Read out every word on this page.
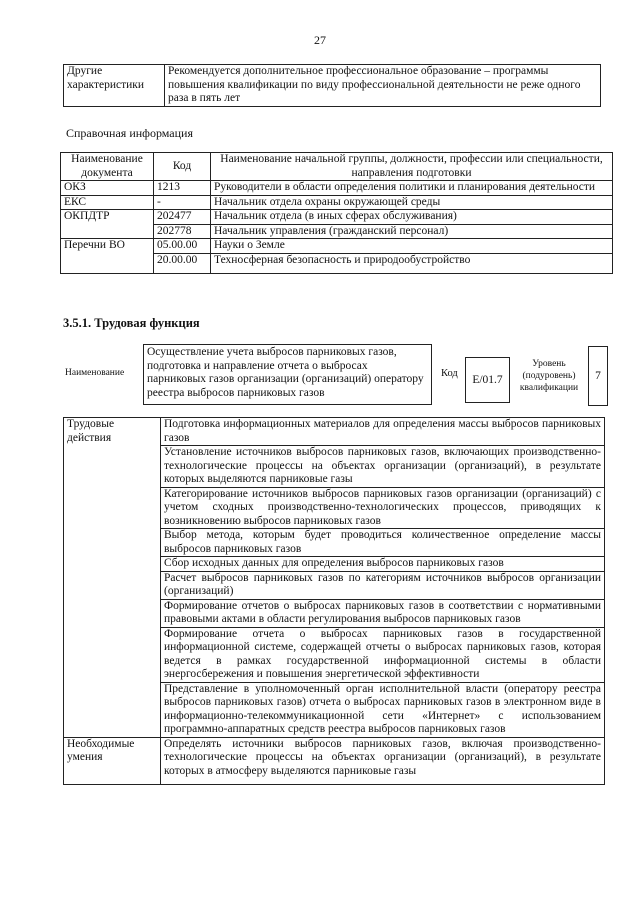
27
Другие характеристики	Рекомендуется дополнительное профессиональное образование – программы повышения квалификации по виду профессиональной деятельности не реже одного раза в пять лет
Справочная информация
Наименование документа	Код	Наименование начальной группы, должности, профессии или специальности, направления подготовки
ОКЗ	1213	Руководители в области определения политики и планирования деятельности
ЕКС	-	Начальник отдела охраны окружающей среды
ОКПДТР	202477	Начальник отдела (в иных сферах обслуживания)
	202778	Начальник управления (гражданский персонал)
Перечни ВО	05.00.00	Науки о Земле
	20.00.00	Техносферная безопасность и природообустройство
3.5.1. Трудовая функция
Наименование
Осуществление учета выбросов парниковых газов, подготовка и направление отчета о выбросах парниковых газов организации (организаций) оператору реестра выбросов парниковых газов
Код
E/01.7
Уровень (подуровень) квалификации
7
Трудовые действия	Подготовка информационных материалов для определения массы выбросов парниковых газов
	Установление источников выбросов парниковых газов, включающих производственно-технологические процессы на объектах организации (организаций), в результате которых выделяются парниковые газы
	Категорирование источников выбросов парниковых газов организации (организаций) с учетом сходных производственно-технологических процессов, приводящих к возникновению выбросов парниковых газов
	Выбор метода, которым будет проводиться количественное определение массы выбросов парниковых газов
	Сбор исходных данных для определения выбросов парниковых газов
	Расчет выбросов парниковых газов по категориям источников выбросов организации (организаций)
	Формирование отчетов о выбросах парниковых газов в соответствии с нормативными правовыми актами в области регулирования выбросов парниковых газов
	Формирование отчета о выбросах парниковых газов в государственной информационной системе, содержащей отчеты о выбросах парниковых газов, которая ведется в рамках государственной информационной системы в области энергосбережения и повышения энергетической эффективности
	Представление в уполномоченный орган исполнительной власти (оператору реестра выбросов парниковых газов) отчета о выбросах парниковых газов в электронном виде в информационно-телекоммуникационной сети «Интернет» с использованием программно-аппаратных средств реестра выбросов парниковых газов
Необходимые умения	Определять источники выбросов парниковых газов, включая производственно-технологические процессы на объектах организации (организаций), в результате которых в атмосферу выделяются парниковые газы
